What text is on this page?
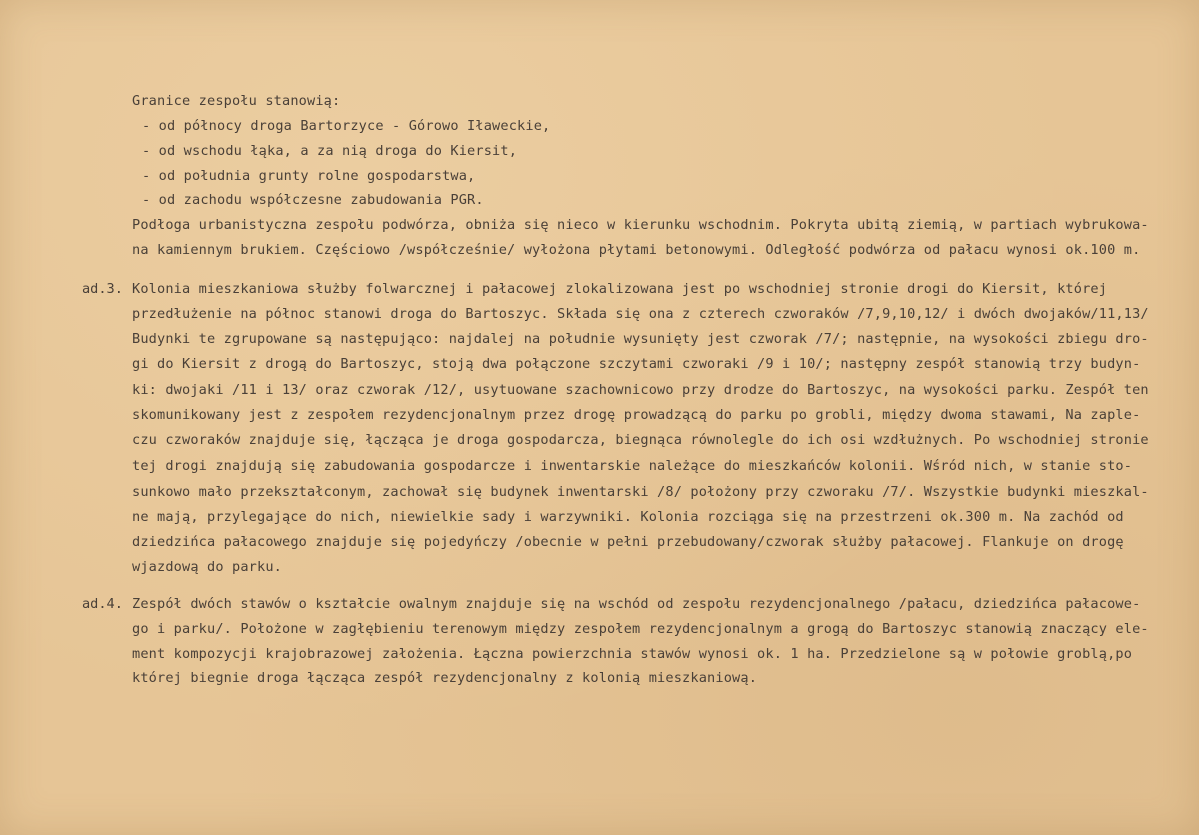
Granice zespołu stanowią:
- od północy droga Bartorzyce - Górowo Iławeckie,
- od wschodu łąka, a za nią droga do Kiersit,
- od południa grunty rolne gospodarstwa,
- od zachodu współczesne zabudowania PGR.
Podłoga urbanistyczna zespołu podwórza, obniża się nieco w kierunku wschodnim. Pokryta ubitą ziemią, w partiach wybrukowa-
na kamiennym brukiem. Częściowo /współcześnie/ wyłożona płytami betonowymi. Odległość podwórza od pałacu wynosi ok.100 m.
ad.3. Kolonia mieszkaniowa służby folwarcznej i pałacowej zlokalizowana jest po wschodniej stronie drogi do Kiersit, której
przedłużenie na północ stanowi droga do Bartoszyc. Składa się ona z czterech czworaków /7,9,10,12/ i dwóch dwojaków/11,13/
Budynki te zgrupowane są następująco: najdalej na południe wysunięty jest czworak /7/; następnie, na wysokości zbiegu dro-
gi do Kiersit z drogą do Bartoszyc, stoją dwa połączone szczytami czworaki /9 i 10/; następny zespół stanowią trzy budyn-
ki: dwojaki /11 i 13/ oraz czworak /12/, usytuowane szachownicowo przy drodze do Bartoszyc, na wysokości parku. Zespół ten
skomunikowany jest z zespołem rezydencjonalnym przez drogę prowadzącą do parku po grobli, między dwoma stawami, Na zaple-
czu czworaków znajduje się, łącząca je droga gospodarcza, biegnąca równolegle do ich osi wzdłużnych. Po wschodniej stronie
tej drogi znajdują się zabudowania gospodarcze i inwentarskie należące do mieszkańców kolonii. Wśród nich, w stanie sto-
sunkowo mało przekształconym, zachował się budynek inwentarski /8/ położony przy czworaku /7/. Wszystkie budynki mieszkal-
ne mają, przylegające do nich, niewielkie sady i warzywniki. Kolonia rozciąga się na przestrzeni ok.300 m. Na zachód od
dziedzińca pałacowego znajduje się pojedyńczy /obecnie w pełni przebudowany/czworak służby pałacowej. Flankuje on drogę
wjazdową do parku.
ad.4. Zespół dwóch stawów o kształcie owalnym znajduje się na wschód od zespołu rezydencjonalnego /pałacu, dziedzińca pałacowe-
go i parku/. Położone w zagłębieniu terenowym między zespołem rezydencjonalnym a grogą do Bartoszyc stanowią znaczący ele-
ment kompozycji krajobrazowej założenia. Łączna powierzchnia stawów wynosi ok. 1 ha. Przedzielone są w połowie groblą,po
której biegnie droga łącząca zespół rezydencjonalny z kolonią mieszkaniową.
